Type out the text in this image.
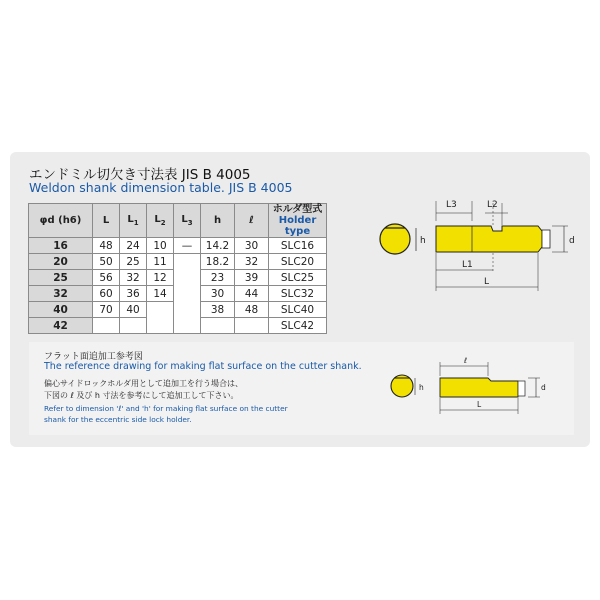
エンドミル切欠き寸法表 JIS B 4005
Weldon shank dimension table. JIS B 4005
φd (h6)	L	$L_1$	$L_2$	$L_3$	h	ℓ	ホルダ型式
Holder type

16	48	24	10	—	14.2	30	SLC16
20	50	25	11		18.2	32	SLC20
25	56	32	12		23	39	SLC25
32	60	36	14		30	44	SLC32
40	70	40			38	48	SLC40
42							SLC42
h
L3	L2
L1
L
d
フラット面追加工参考図
The reference drawing for making flat surface on the cutter shank.
偏心サイドロックホルダ用として追加工を行う場合は、
下図の ℓ 及び h 寸法を参考にして追加工して下さい。
Refer to dimension 'ℓ' and 'h' for making flat surface on the cutter
shank for the eccentric side lock holder.
h
ℓ
L
d
